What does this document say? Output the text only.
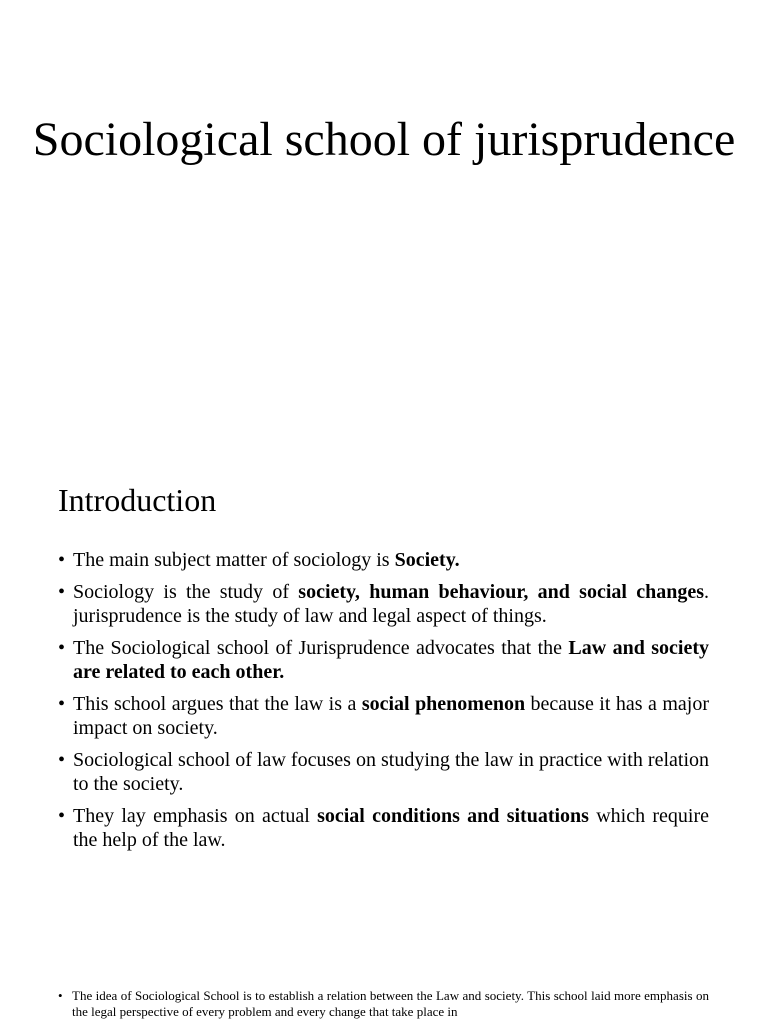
Sociological school of jurisprudence
Introduction
• The main subject matter of sociology is Society.
• Sociology is the study of society, human behaviour, and social changes. jurisprudence is the study of law and legal aspect of things.
• The Sociological school of Jurisprudence advocates that the Law and society are related to each other.
• This school argues that the law is a social phenomenon because it has a major impact on society.
• Sociological school of law focuses on studying the law in practice with relation to the society.
• They lay emphasis on actual social conditions and situations which require the help of the law.
• The idea of Sociological School is to establish a relation between the Law and society. This school laid more emphasis on the legal perspective of every problem and every change that take place in
